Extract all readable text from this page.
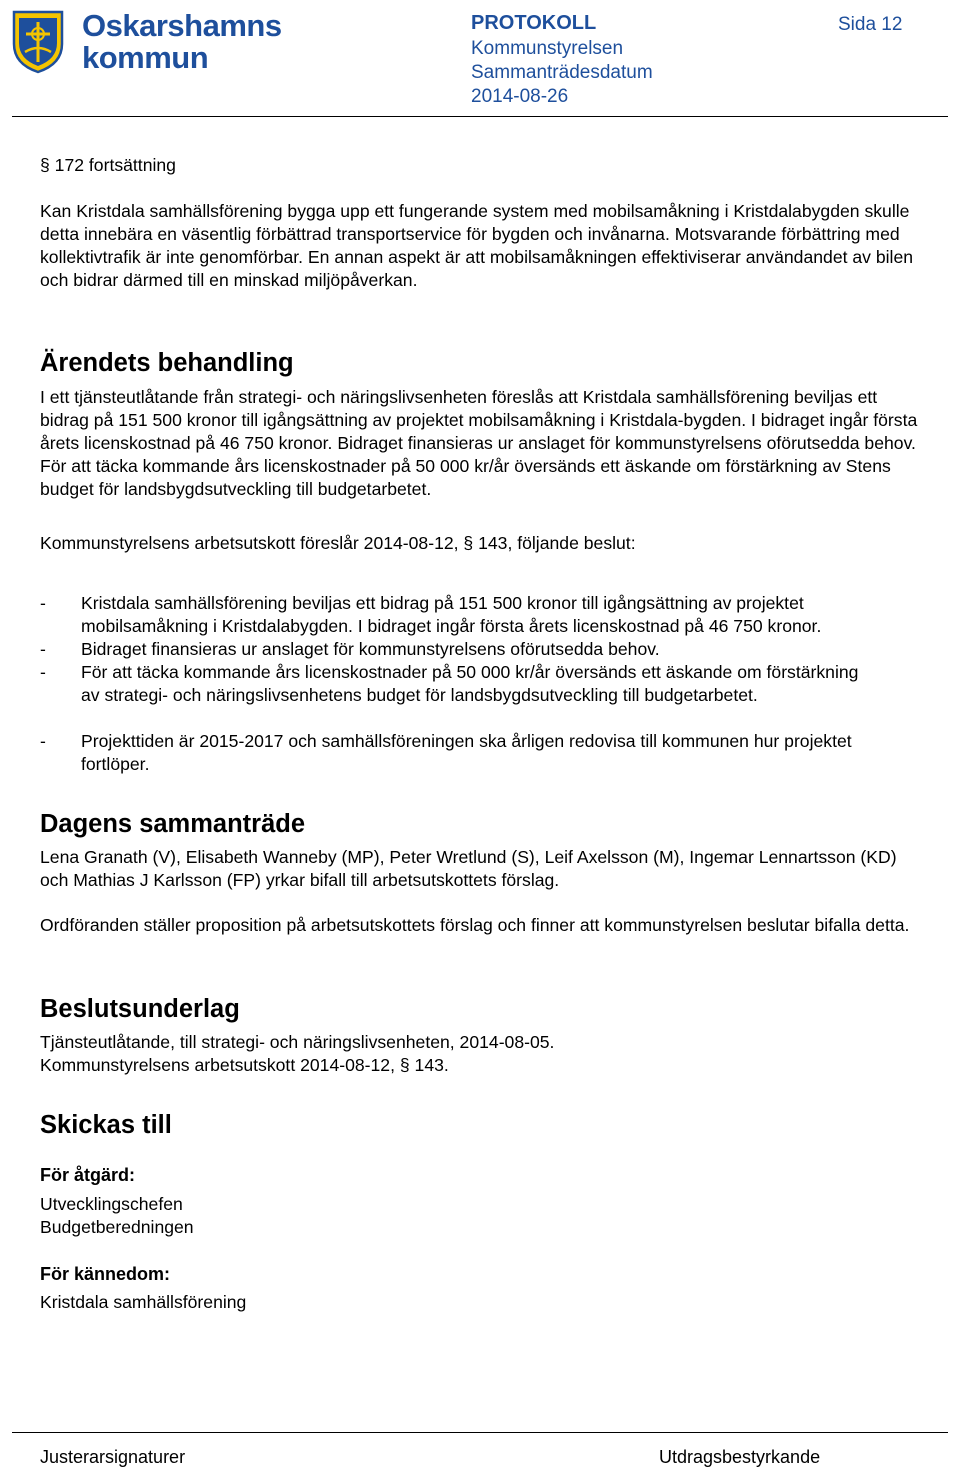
Oskarshamns
kommun
PROTOKOLL	Sida 12
Kommunstyrelsen
Sammanträdesdatum
2014-08-26
§ 172 fortsättning
Kan Kristdala samhällsförening bygga upp ett fungerande system med mobilsamåkning i Kristdalabygden skulle detta innebära en väsentlig förbättrad transportservice för bygden och invånarna. Motsvarande förbättring med kollektivtrafik är inte genomförbar. En annan aspekt är att mobilsamåkningen effektiviserar användandet av bilen och bidrar därmed till en minskad miljöpåverkan.
Ärendets behandling
I ett tjänsteutlåtande från strategi- och näringslivsenheten föreslås att Kristdala samhällsförening beviljas ett bidrag på 151 500 kronor till igångsättning av projektet mobilsamåkning i Kristdala-bygden. I bidraget ingår första årets licenskostnad på 46 750 kronor. Bidraget finansieras ur anslaget för kommunstyrelsens oförutsedda behov. För att täcka kommande års licenskostnader på 50 000 kr/år översänds ett äskande om förstärkning av Stens budget för landsbygdsutveckling till budgetarbetet.
Kommunstyrelsens arbetsutskott föreslår 2014-08-12, § 143, följande beslut:
- Kristdala samhällsförening beviljas ett bidrag på 151 500 kronor till igångsättning av projektet mobilsamåkning i Kristdalabygden. I bidraget ingår första årets licenskostnad på 46 750 kronor.
- Bidraget finansieras ur anslaget för kommunstyrelsens oförutsedda behov.
- För att täcka kommande års licenskostnader på 50 000 kr/år översänds ett äskande om förstärkning av strategi- och näringslivsenhetens budget för landsbygdsutveckling till budgetarbetet.
- Projekttiden är 2015-2017 och samhällsföreningen ska årligen redovisa till kommunen hur projektet fortlöper.
Dagens sammanträde
Lena Granath (V), Elisabeth Wanneby (MP), Peter Wretlund (S), Leif Axelsson (M), Ingemar Lennartsson (KD) och Mathias J Karlsson (FP) yrkar bifall till arbetsutskottets förslag.
Ordföranden ställer proposition på arbetsutskottets förslag och finner att kommunstyrelsen beslutar bifalla detta.
Beslutsunderlag
Tjänsteutlåtande, till strategi- och näringslivsenheten, 2014-08-05.
Kommunstyrelsens arbetsutskott 2014-08-12, § 143.
Skickas till
För åtgärd:
Utvecklingschefen
Budgetberedningen
För kännedom:
Kristdala samhällsförening
Justerarsignaturer	Utdragsbestyrkande
